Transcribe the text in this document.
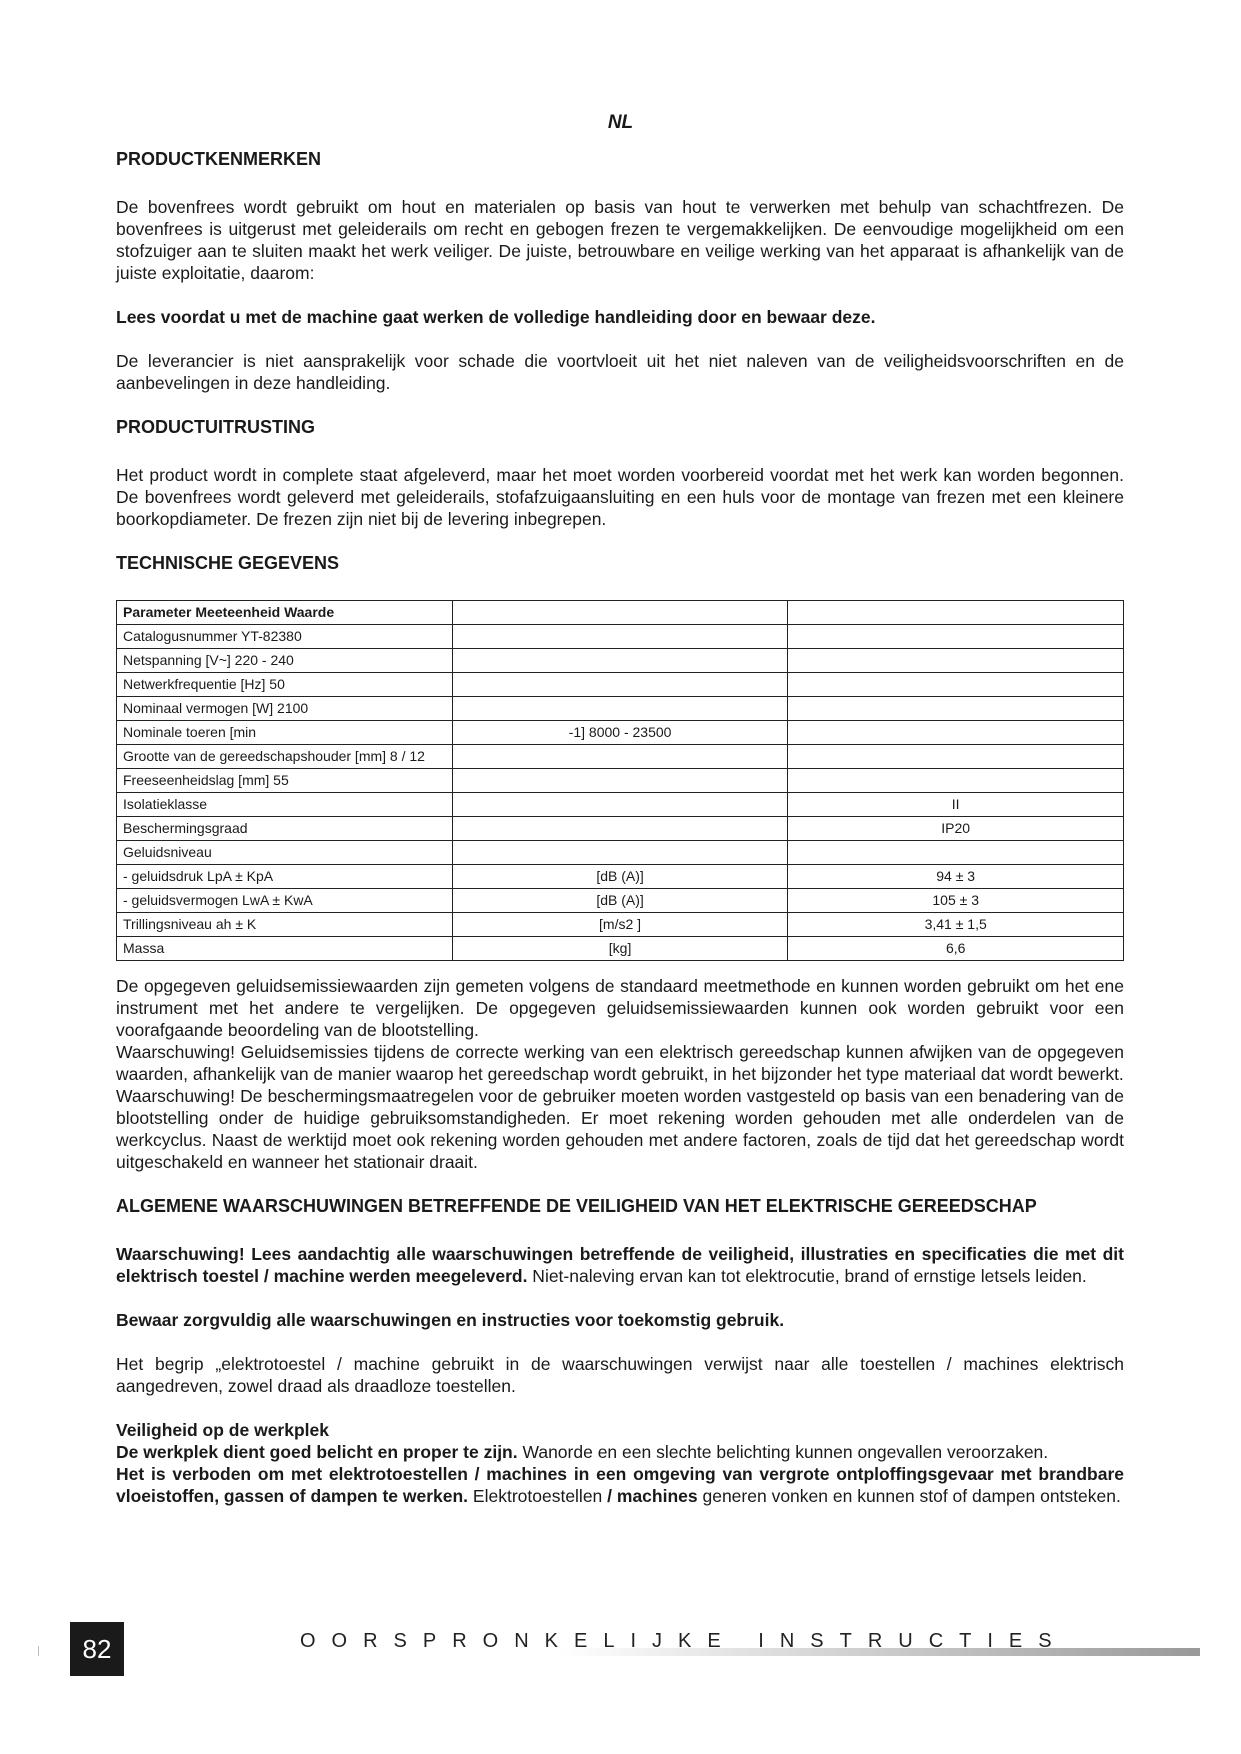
NL
PRODUCTKENMERKEN

De bovenfrees wordt gebruikt om hout en materialen op basis van hout te verwerken met behulp van schachtfrezen. De bovenfrees is uitgerust met geleiderails om recht en gebogen frezen te vergemakkelijken. De eenvoudige mogelijkheid om een stofzuiger aan te sluiten maakt het werk veiliger. De juiste, betrouwbare en veilige werking van het apparaat is afhankelijk van de juiste exploitatie, daarom:

Lees voordat u met de machine gaat werken de volledige handleiding door en bewaar deze.

De leverancier is niet aansprakelijk voor schade die voortvloeit uit het niet naleven van de veiligheidsvoorschriften en de aanbevelingen in deze handleiding.

PRODUCTUITRUSTING

Het product wordt in complete staat afgeleverd, maar het moet worden voorbereid voordat met het werk kan worden begonnen. De bovenfrees wordt geleverd met geleiderails, stofafzuigaansluiting en een huls voor de montage van frezen met een kleinere boorkopdiameter. De frezen zijn niet bij de levering inbegrepen.

TECHNISCHE GEGEVENS
Parameter Meeteenheid Waarde		
Catalogusnummer YT-82380		
Netspanning [V~] 220 - 240		
Netwerkfrequentie [Hz] 50		
Nominaal vermogen [W] 2100		
Nominale toeren [min	-1] 8000 - 23500	
Grootte van de gereedschapshouder [mm] 8 / 12		
Freeseenheidslag [mm] 55		
Isolatieklasse		II
Beschermingsgraad		IP20
Geluidsniveau		
- geluidsdruk LpA ± KpA	[dB (A)]	94 ± 3
- geluidsvermogen LwA ± KwA	[dB (A)]	105 ± 3
Trillingsniveau ah ± K	[m/s2 ]	3,41 ± 1,5
Massa	[kg]	6,6

De opgegeven geluidsemissiewaarden zijn gemeten volgens de standaard meetmethode en kunnen worden gebruikt om het ene instrument met het andere te vergelijken. De opgegeven geluidsemissiewaarden kunnen ook worden gebruikt voor een voorafgaande beoordeling van de blootstelling.

Waarschuwing! Geluidsemissies tijdens de correcte werking van een elektrisch gereedschap kunnen afwijken van de opgegeven waarden, afhankelijk van de manier waarop het gereedschap wordt gebruikt, in het bijzonder het type materiaal dat wordt bewerkt.

Waarschuwing! De beschermingsmaatregelen voor de gebruiker moeten worden vastgesteld op basis van een benadering van de blootstelling onder de huidige gebruiksomstandigheden. Er moet rekening worden gehouden met alle onderdelen van de werkcyclus. Naast de werktijd moet ook rekening worden gehouden met andere factoren, zoals de tijd dat het gereedschap wordt uitgeschakeld en wanneer het stationair draait.

ALGEMENE WAARSCHUWINGEN BETREFFENDE DE VEILIGHEID VAN HET ELEKTRISCHE GEREEDSCHAP

Waarschuwing! Lees aandachtig alle waarschuwingen betreffende de veiligheid, illustraties en specificaties die met dit elektrisch toestel / machine werden meegeleverd. Niet-naleving ervan kan tot elektrocutie, brand of ernstige letsels leiden.

Bewaar zorgvuldig alle waarschuwingen en instructies voor toekomstig gebruik.

Het begrip „elektrotoestel / machine gebruikt in de waarschuwingen verwijst naar alle toestellen / machines elektrisch aangedreven, zowel draad als draadloze toestellen.

Veiligheid op de werkplek

De werkplek dient goed belicht en proper te zijn. Wanorde en een slechte belichting kunnen ongevallen veroorzaken.

Het is verboden om met elektrotoestellen / machines in een omgeving van vergrote ontploffingsgevaar met brandbare vloeistoffen, gassen of dampen te werken. Elektrotoestellen / machines generen vonken en kunnen stof of dampen ontsteken.

82	OORSPRONKELIJKE INSTRUCTIES
